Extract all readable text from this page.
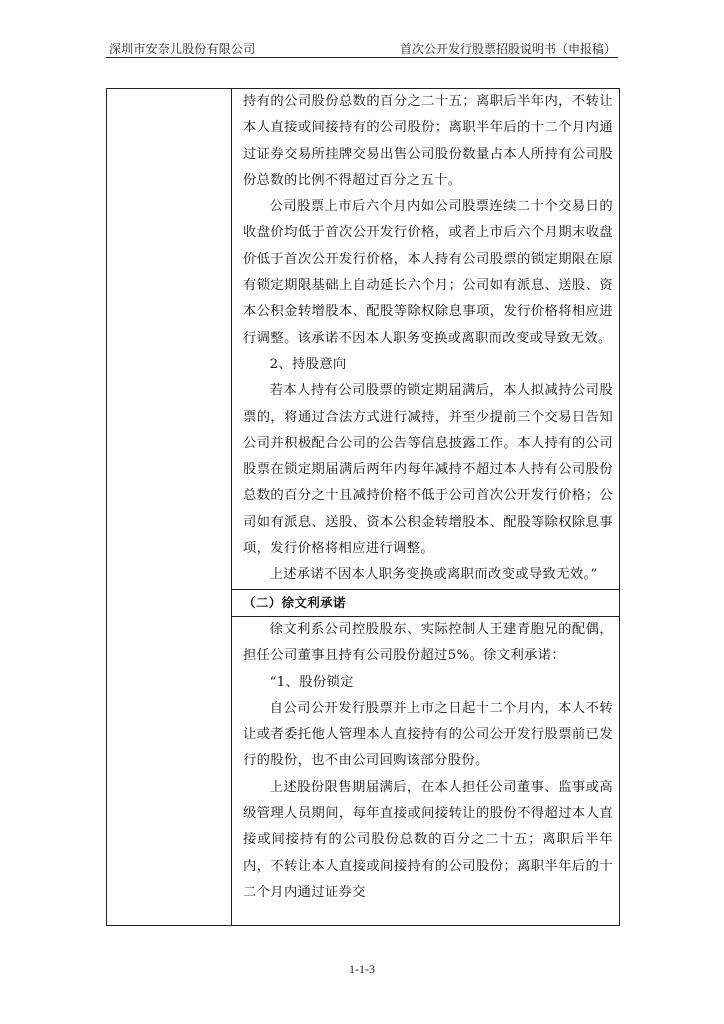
深圳市安奈儿股份有限公司	首次公开发行股票招股说明书（申报稿）

持有的公司股份总数的百分之二十五；离职后半年内，不转让本人直接或间接持有的公司股份；离职半年后的十二个月内通过证券交易所挂牌交易出售公司股份数量占本人所持有公司股份总数的比例不得超过百分之五十。

公司股票上市后六个月内如公司股票连续二十个交易日的收盘价均低于首次公开发行价格，或者上市后六个月期末收盘价低于首次公开发行价格，本人持有公司股票的锁定期限在原有锁定期限基础上自动延长六个月；公司如有派息、送股、资本公积金转增股本、配股等除权除息事项，发行价格将相应进行调整。该承诺不因本人职务变换或离职而改变或导致无效。

2、持股意向

若本人持有公司股票的锁定期届满后，本人拟减持公司股票的，将通过合法方式进行减持，并至少提前三个交易日告知公司并积极配合公司的公告等信息披露工作。本人持有的公司股票在锁定期届满后两年内每年减持不超过本人持有公司股份总数的百分之十且减持价格不低于公司首次公开发行价格；公司如有派息、送股、资本公积金转增股本、配股等除权除息事项，发行价格将相应进行调整。

上述承诺不因本人职务变换或离职而改变或导致无效。”

（二）徐文利承诺

徐文利系公司控股股东、实际控制人王建青胞兄的配偶，担任公司董事且持有公司股份超过5%。徐文利承诺：

“1、股份锁定

自公司公开发行股票并上市之日起十二个月内，本人不转让或者委托他人管理本人直接持有的公司公开发行股票前已发行的股份，也不由公司回购该部分股份。

上述股份限售期届满后，在本人担任公司董事、监事或高级管理人员期间，每年直接或间接转让的股份不得超过本人直接或间接持有的公司股份总数的百分之二十五；离职后半年内，不转让本人直接或间接持有的公司股份；离职半年后的十二个月内通过证券交

1-1-3
